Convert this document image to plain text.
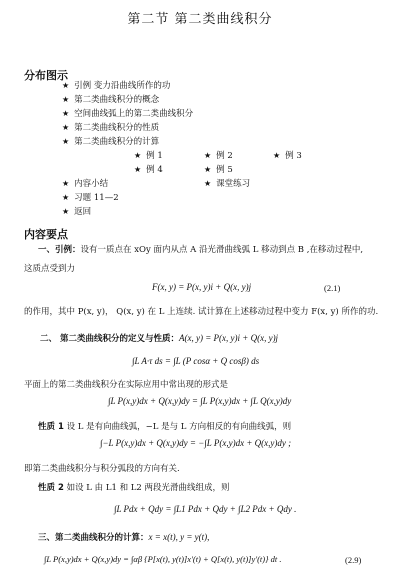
第二节 第二类曲线积分
分布图示
★ 引例 变力沿曲线所作的功
★ 第二类曲线积分的概念
★ 空间曲线弧上的第二类曲线积分
★ 第二类曲线积分的性质
★ 第二类曲线积分的计算
★ 例 1	★ 例 2	★ 例 3
★ 例 4	★ 例 5
★ 内容小结	★ 课堂练习
★ 习题 11—2
★ 返回
内容要点
一、引例：设有一质点在 xOy 面内从点 A 沿光滑曲线弧 L 移动到点 B ,在移动过程中,
这质点受到力
F(x, y) = P(x, y)i + Q(x, y)j	(2.1)
的作用，其中 P(x, y)， Q(x, y) 在 L 上连续. 试计算在上述移动过程中变力 F(x, y) 所作的功.
二、 第二类曲线积分的定义与性质：A(x, y) = P(x, y)i + Q(x, y)j
∫L A·τ ds = ∫L (P cosα + Q cosβ) ds
平面上的第二类曲线积分在实际应用中常出现的形式是
∫L P(x,y)dx + Q(x,y)dy = ∫L P(x,y)dx + ∫L Q(x,y)dy
性质 1 设 L 是有向曲线弧，−L 是与 L 方向相反的有向曲线弧，则
∫−L P(x,y)dx + Q(x,y)dy = −∫L P(x,y)dx + Q(x,y)dy ;
即第二类曲线积分与积分弧段的方向有关.
性质 2 如设 L 由 L1 和 L2 两段光滑曲线组成，则
∫L Pdx + Qdy = ∫L1 Pdx + Qdy + ∫L2 Pdx + Qdy .
三、第二类曲线积分的计算：x = x(t), y = y(t),
∫L P(x,y)dx + Q(x,y)dy = ∫αβ {P[x(t), y(t)]x′(t) + Q[x(t), y(t)]y′(t)} dt .	(2.9)
